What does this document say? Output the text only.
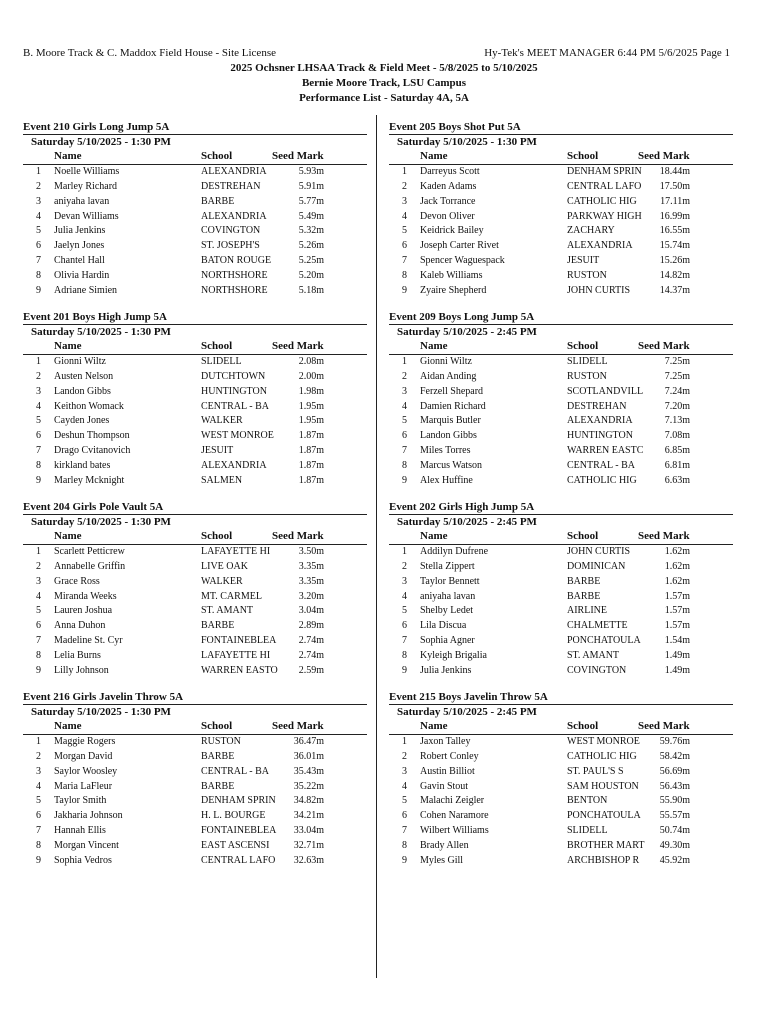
B. Moore Track & C. Maddox Field House - Site License	Hy-Tek's MEET MANAGER 6:44 PM 5/6/2025 Page 1
2025 Ochsner LHSAA Track & Field Meet - 5/8/2025 to 5/10/2025
Bernie Moore Track, LSU Campus
Performance List - Saturday 4A, 5A
Event 210 Girls Long Jump 5A
Saturday 5/10/2025 - 1:30 PM
Name	School	Seed Mark
1 Noelle Williams	ALEXANDRIA	5.93m
2 Marley Richard	DESTREHAN	5.91m
3 aniyaha lavan	BARBE	5.77m
4 Devan Williams	ALEXANDRIA	5.49m
5 Julia Jenkins	COVINGTON	5.32m
6 Jaelyn Jones	ST. JOSEPH'S	5.26m
7 Chantel Hall	BATON ROUGE	5.25m
8 Olivia Hardin	NORTHSHORE	5.20m
9 Adriane Simien	NORTHSHORE	5.18m
Event 201 Boys High Jump 5A
Saturday 5/10/2025 - 1:30 PM
Name	School	Seed Mark
1 Gionni Wiltz	SLIDELL	2.08m
2 Austen Nelson	DUTCHTOWN	2.00m
3 Landon Gibbs	HUNTINGTON	1.98m
4 Keithon Womack	CENTRAL - BA	1.95m
5 Cayden Jones	WALKER	1.95m
6 Deshun Thompson	WEST MONROE	1.87m
7 Drago Cvitanovich	JESUIT	1.87m
8 kirkland bates	ALEXANDRIA	1.87m
9 Marley Mcknight	SALMEN	1.87m
Event 204 Girls Pole Vault 5A
Saturday 5/10/2025 - 1:30 PM
Name	School	Seed Mark
1 Scarlett Petticrew	LAFAYETTE HI	3.50m
2 Annabelle Griffin	LIVE OAK	3.35m
3 Grace Ross	WALKER	3.35m
4 Miranda Weeks	MT. CARMEL	3.20m
5 Lauren Joshua	ST. AMANT	3.04m
6 Anna Duhon	BARBE	2.89m
7 Madeline St. Cyr	FONTAINEBLEA	2.74m
8 Lelia Burns	LAFAYETTE HI	2.74m
9 Lilly Johnson	WARREN EASTO	2.59m
Event 216 Girls Javelin Throw 5A
Saturday 5/10/2025 - 1:30 PM
Name	School	Seed Mark
1 Maggie Rogers	RUSTON	36.47m
2 Morgan David	BARBE	36.01m
3 Saylor Woosley	CENTRAL - BA	35.43m
4 Maria LaFleur	BARBE	35.22m
5 Taylor Smith	DENHAM SPRIN	34.82m
6 Jakharia Johnson	H. L. BOURGE	34.21m
7 Hannah Ellis	FONTAINEBLEA	33.04m
8 Morgan Vincent	EAST ASCENSI	32.71m
9 Sophia Vedros	CENTRAL LAFO	32.63m
Event 205 Boys Shot Put 5A
Saturday 5/10/2025 - 1:30 PM
Name	School	Seed Mark
1 Darreyus Scott	DENHAM SPRIN	18.44m
2 Kaden Adams	CENTRAL LAFO	17.50m
3 Jack Torrance	CATHOLIC HIG	17.11m
4 Devon Oliver	PARKWAY HIGH	16.99m
5 Keidrick Bailey	ZACHARY	16.55m
6 Joseph Carter Rivet	ALEXANDRIA	15.74m
7 Spencer Waguespack	JESUIT	15.26m
8 Kaleb Williams	RUSTON	14.82m
9 Zyaire Shepherd	JOHN CURTIS	14.37m
Event 209 Boys Long Jump 5A
Saturday 5/10/2025 - 2:45 PM
Name	School	Seed Mark
1 Gionni Wiltz	SLIDELL	7.25m
2 Aidan Anding	RUSTON	7.25m
3 Ferzell Shepard	SCOTLANDVILL	7.24m
4 Damien Richard	DESTREHAN	7.20m
5 Marquis Butler	ALEXANDRIA	7.13m
6 Landon Gibbs	HUNTINGTON	7.08m
7 Miles Torres	WARREN EASTC	6.85m
8 Marcus Watson	CENTRAL - BA	6.81m
9 Alex Huffine	CATHOLIC HIG	6.63m
Event 202 Girls High Jump 5A
Saturday 5/10/2025 - 2:45 PM
Name	School	Seed Mark
1 Addilyn Dufrene	JOHN CURTIS	1.62m
2 Stella Zippert	DOMINICAN	1.62m
3 Taylor Bennett	BARBE	1.62m
4 aniyaha lavan	BARBE	1.57m
5 Shelby Ledet	AIRLINE	1.57m
6 Lila Discua	CHALMETTE	1.57m
7 Sophia Agner	PONCHATOULA	1.54m
8 Kyleigh Brigalia	ST. AMANT	1.49m
9 Julia Jenkins	COVINGTON	1.49m
Event 215 Boys Javelin Throw 5A
Saturday 5/10/2025 - 2:45 PM
Name	School	Seed Mark
1 Jaxon Talley	WEST MONROE	59.76m
2 Robert Conley	CATHOLIC HIG	58.42m
3 Austin Billiot	ST. PAUL'S S	56.69m
4 Gavin Stout	SAM HOUSTON	56.43m
5 Malachi Zeigler	BENTON	55.90m
6 Cohen Naramore	PONCHATOULA	55.57m
7 Wilbert Williams	SLIDELL	50.74m
8 Brady Allen	BROTHER MART	49.30m
9 Myles Gill	ARCHBISHOP R	45.92m
